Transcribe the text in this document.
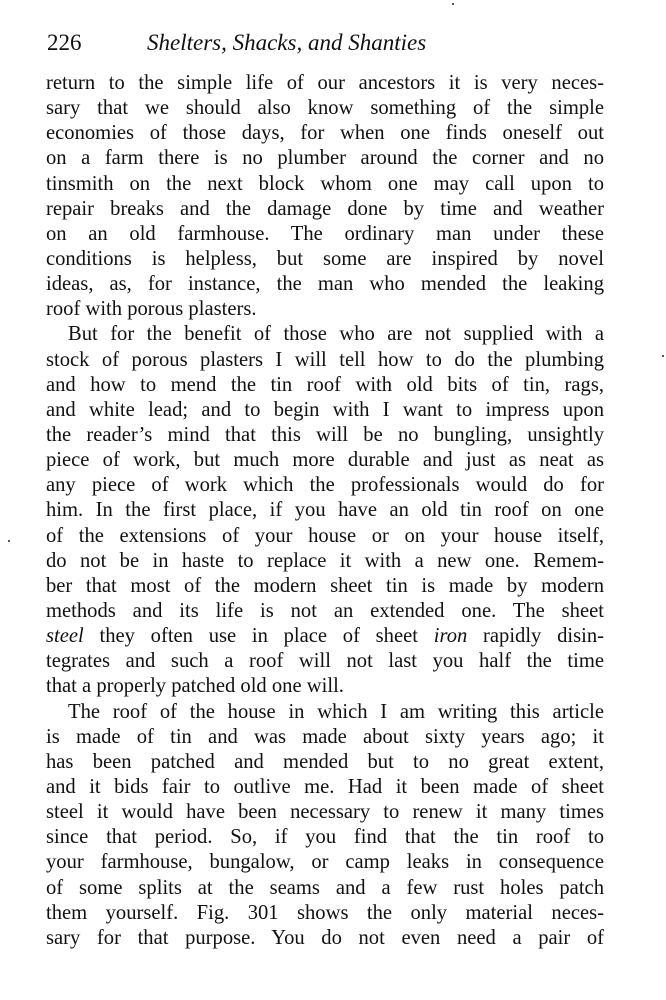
226	Shelters, Shacks, and Shanties
return to the simple life of our ancestors it is very neces-
sary that we should also know something of the simple
economies of those days, for when one finds oneself out
on a farm there is no plumber around the corner and no
tinsmith on the next block whom one may call upon to
repair breaks and the damage done by time and weather
on an old farmhouse. The ordinary man under these
conditions is helpless, but some are inspired by novel
ideas, as, for instance, the man who mended the leaking
roof with porous plasters.
But for the benefit of those who are not supplied with a
stock of porous plasters I will tell how to do the plumbing
and how to mend the tin roof with old bits of tin, rags,
and white lead; and to begin with I want to impress upon
the reader’s mind that this will be no bungling, unsightly
piece of work, but much more durable and just as neat as
any piece of work which the professionals would do for
him. In the first place, if you have an old tin roof on one
of the extensions of your house or on your house itself,
do not be in haste to replace it with a new one. Remem-
ber that most of the modern sheet tin is made by modern
methods and its life is not an extended one. The sheet
steel they often use in place of sheet iron rapidly disin-
tegrates and such a roof will not last you half the time
that a properly patched old one will.
The roof of the house in which I am writing this article
is made of tin and was made about sixty years ago; it
has been patched and mended but to no great extent,
and it bids fair to outlive me. Had it been made of sheet
steel it would have been necessary to renew it many times
since that period. So, if you find that the tin roof to
your farmhouse, bungalow, or camp leaks in consequence
of some splits at the seams and a few rust holes patch
them yourself. Fig. 301 shows the only material neces-
sary for that purpose. You do not even need a pair of
